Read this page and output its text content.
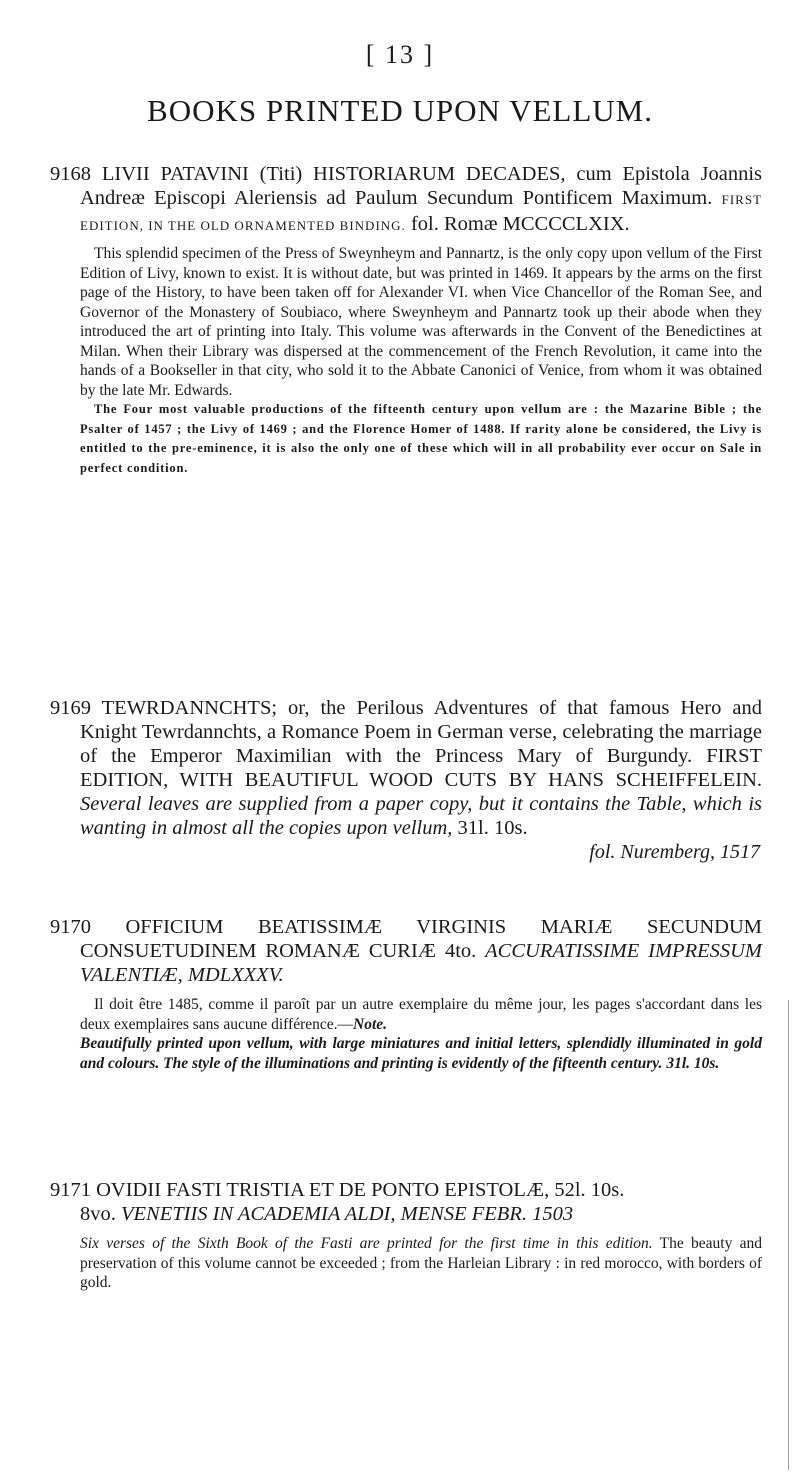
[ 13 ]
BOOKS PRINTED UPON VELLUM.

9168 LIVII PATAVINI (Titi) HISTORIARUM DECADES, cum Epistola Joannis Andreæ Episcopi Aleriensis ad Paulum Secundum Pontificem Maximum. FIRST EDITION, IN THE OLD ORNAMENTED BINDING. fol. Romæ MCCCCLXIX.

This splendid specimen of the Press of Sweynheym and Pannartz, is the only copy upon vellum of the First Edition of Livy, known to exist. It is without date, but was printed in 1469. It appears by the arms on the first page of the History, to have been taken off for Alexander VI. when Vice Chancellor of the Roman See, and Governor of the Monastery of Soubiaco, where Sweynheym and Pannartz took up their abode when they introduced the art of printing into Italy. This volume was afterwards in the Convent of the Benedictines at Milan. When their Library was dispersed at the commencement of the French Revolution, it came into the hands of a Bookseller in that city, who sold it to the Abbate Canonici of Venice, from whom it was obtained by the late Mr. Edwards.

The Four most valuable productions of the fifteenth century upon vellum are : the Mazarine Bible ; the Psalter of 1457 ; the Livy of 1469 ; and the Florence Homer of 1488. If rarity alone be considered, the Livy is entitled to the pre-eminence, it is also the only one of these which will in all probability ever occur on Sale in perfect condition.

9169 TEWRDANNCHTS; or, the Perilous Adventures of that famous Hero and Knight Tewrdannchts, a Romance Poem in German verse, celebrating the marriage of the Emperor Maximilian with the Princess Mary of Burgundy. FIRST EDITION, WITH BEAUTIFUL WOOD CUTS BY HANS SCHEIFFELEIN. Several leaves are supplied from a paper copy, but it contains the Table, which is wanting in almost all the copies upon vellum, 31l. 10s.

fol. Nuremberg, 1517

9170 OFFICIUM BEATISSIMÆ VIRGINIS MARIÆ SECUNDUM CONSUETUDINEM ROMANÆ CURIÆ 4to. ACCURATISSIME IMPRESSUM VALENTIÆ, MDLXXXV.

Il doit être 1485, comme il paroît par un autre exemplaire du même jour, les pages s'accordant dans les deux exemplaires sans aucune différence.—Note.

Beautifully printed upon vellum, with large miniatures and initial letters, splendidly illuminated in gold and colours. The style of the illuminations and printing is evidently of the fifteenth century. 31l. 10s.

9171 OVIDII FASTI TRISTIA ET DE PONTO EPISTOLÆ, 52l. 10s.
8vo. VENETIIS IN ACADEMIA ALDI, MENSE FEBR. 1503

Six verses of the Sixth Book of the Fasti are printed for the first time in this edition. The beauty and preservation of this volume cannot be exceeded ; from the Harleian Library : in red morocco, with borders of gold.
